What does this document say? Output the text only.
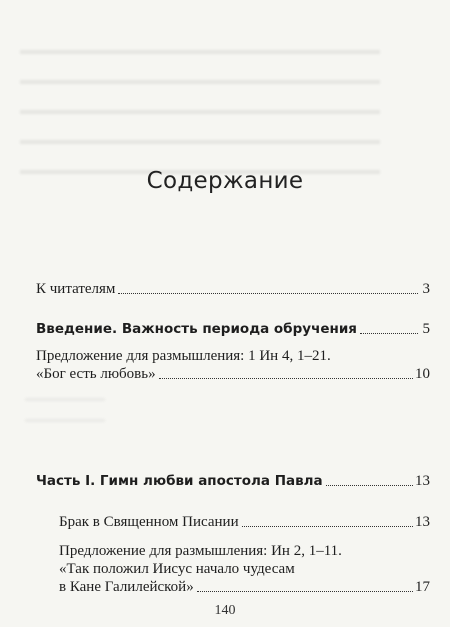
Содержание
К читателям	3
Введение. Важность периода обручения	5
Предложение для размышления: 1 Ин 4, 1–21.
«Бог есть любовь»	10
Часть I. Гимн любви апостола Павла	13
Брак в Священном Писании	13
Предложение для размышления: Ин 2, 1–11.
«Так положил Иисус начало чудесам
в Кане Галилейской»	17
140
